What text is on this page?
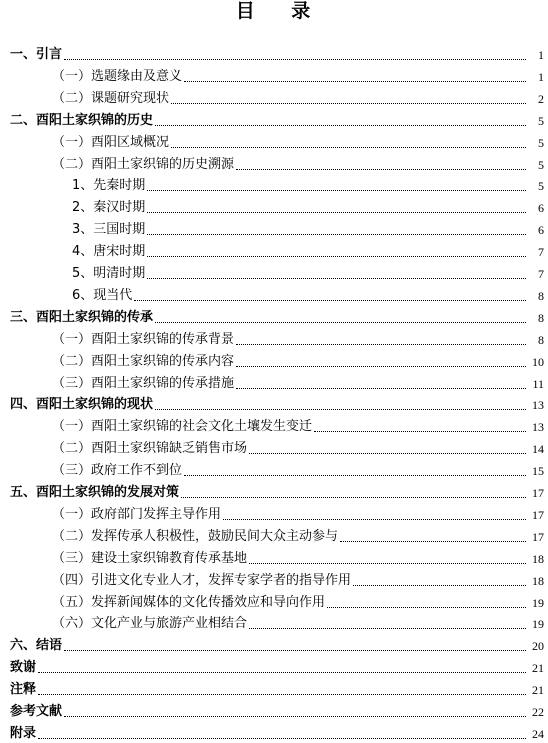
目    录
一、引言	1
（一）选题缘由及意义	1
（二）课题研究现状	2
二、酉阳土家织锦的历史	5
（一）酉阳区域概况	5
（二）酉阳土家织锦的历史溯源	5
1、先秦时期	5
2、秦汉时期	6
3、三国时期	6
4、唐宋时期	7
5、明清时期	7
6、现当代	8
三、酉阳土家织锦的传承	8
（一）酉阳土家织锦的传承背景	8
（二）酉阳土家织锦的传承内容	10
（三）酉阳土家织锦的传承措施	11
四、酉阳土家织锦的现状	13
（一）酉阳土家织锦的社会文化土壤发生变迁	13
（二）酉阳土家织锦缺乏销售市场	14
（三）政府工作不到位	15
五、酉阳土家织锦的发展对策	17
（一）政府部门发挥主导作用	17
（二）发挥传承人积极性，鼓励民间大众主动参与	17
（三）建设土家织锦教育传承基地	18
（四）引进文化专业人才，发挥专家学者的指导作用	18
（五）发挥新闻媒体的文化传播效应和导向作用	19
（六）文化产业与旅游产业相结合	19
六、结语	20
致谢	21
注释	21
参考文献	22
附录	24
